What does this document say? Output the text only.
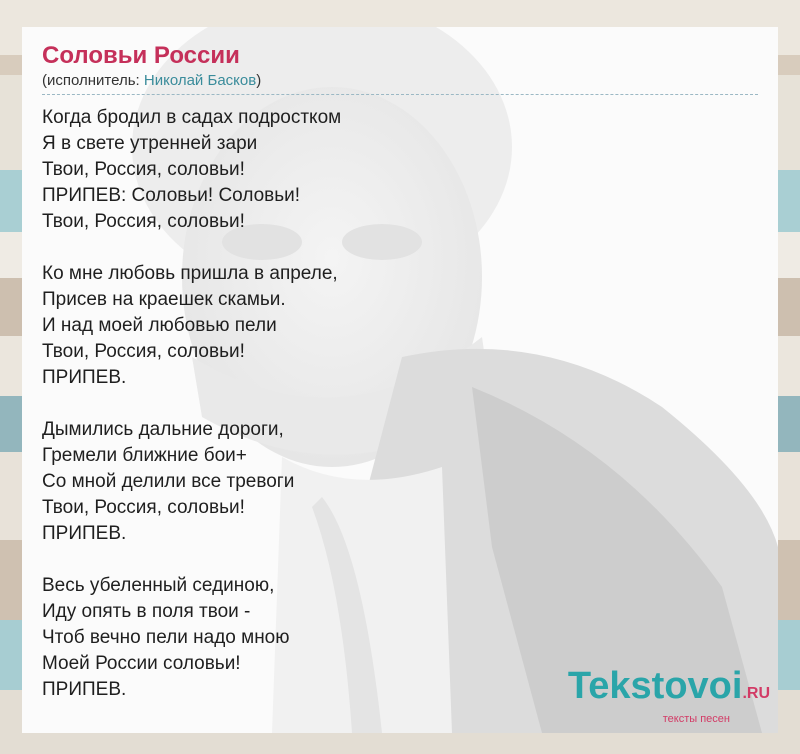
Соловьи России
(исполнитель: Николай Басков)
Когда бродил в садах подростком
Я в свете утренней зари
Твои, Россия, соловьи!
ПРИПЕВ: Соловьи! Соловьи!
Твои, Россия, соловьи!
Ко мне любовь пришла в апреле,
Присев на краешек скамьи.
И над моей любовью пели
Твои, Россия, соловьи!
ПРИПЕВ.
Дымились дальние дороги,
Гремели ближние бои+
Со мной делили все тревоги
Твои, Россия, соловьи!
ПРИПЕВ.
Весь убеленный сединою,
Иду опять в поля твои -
Чтоб вечно пели надо мною
Моей России соловьи!
ПРИПЕВ.	Tekstovoi.RU
тексты песен
